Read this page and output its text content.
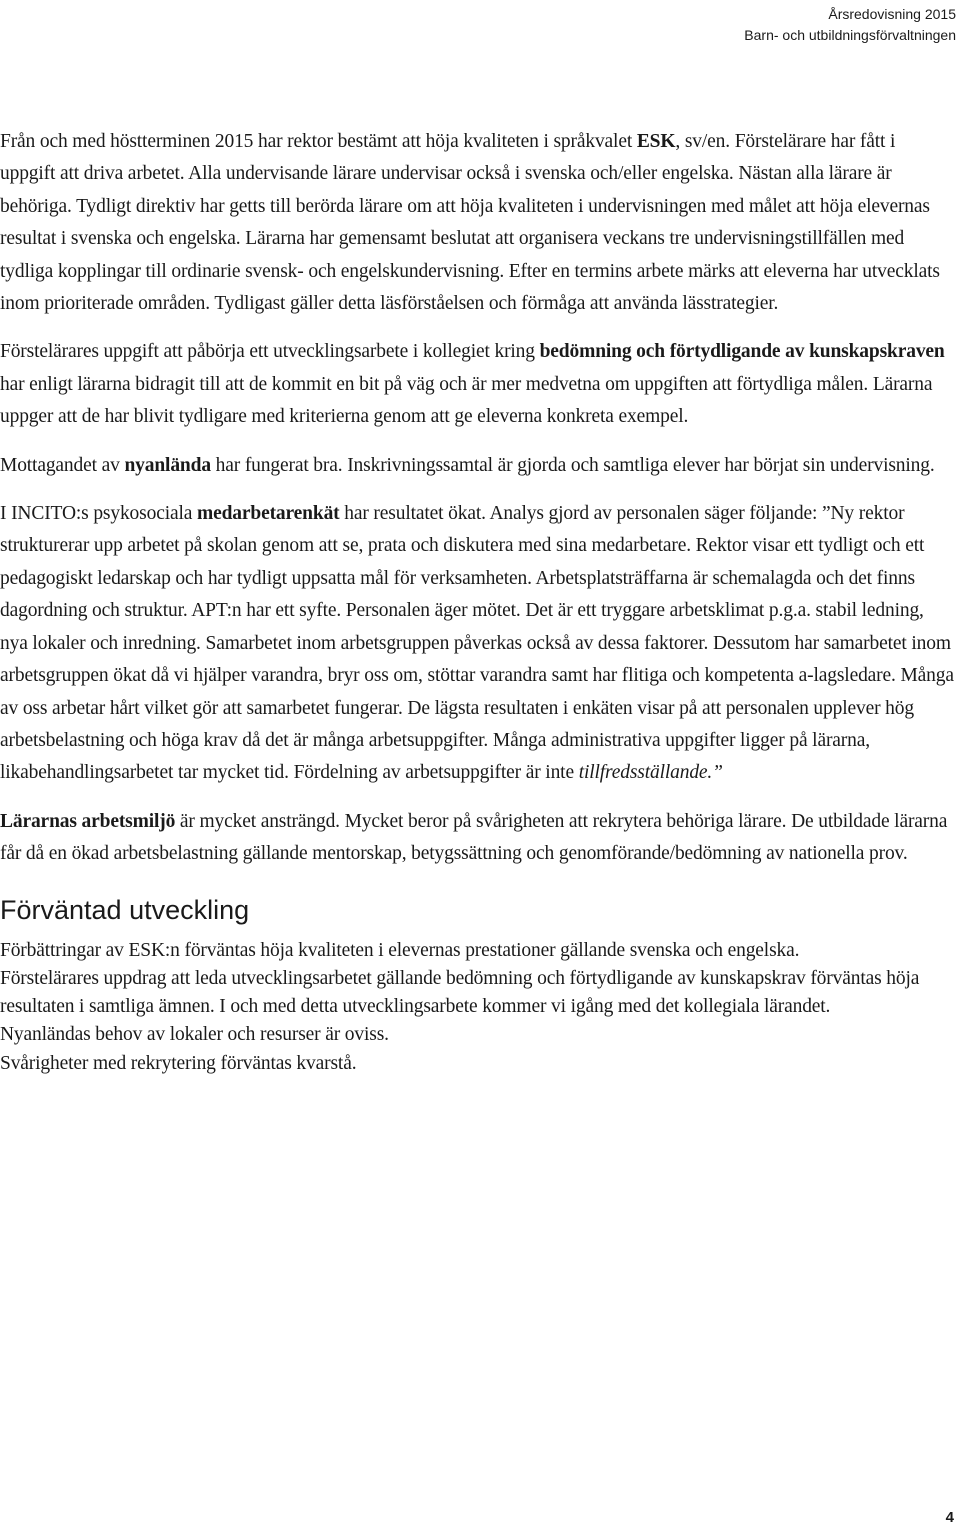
Årsredovisning 2015
Barn- och utbildningsförvaltningen

Från och med höstterminen 2015 har rektor bestämt att höja kvaliteten i språkvalet ESK, sv/en. Förstelärare har fått i uppgift att driva arbetet. Alla undervisande lärare undervisar också i svenska och/eller engelska. Nästan alla lärare är behöriga. Tydligt direktiv har getts till berörda lärare om att höja kvaliteten i undervisningen med målet att höja elevernas resultat i svenska och engelska. Lärarna har gemensamt beslutat att organisera veckans tre undervisningstillfällen med tydliga kopplingar till ordinarie svensk- och engelskundervisning. Efter en termins arbete märks att eleverna har utvecklats inom prioriterade områden. Tydligast gäller detta läsförståelsen och förmåga att använda lässtrategier.

Förstelärares uppgift att påbörja ett utvecklingsarbete i kollegiet kring bedömning och förtydligande av kunskapskraven har enligt lärarna bidragit till att de kommit en bit på väg och är mer medvetna om uppgiften att förtydliga målen. Lärarna uppger att de har blivit tydligare med kriterierna genom att ge eleverna konkreta exempel.

Mottagandet av nyanlända har fungerat bra. Inskrivningssamtal är gjorda och samtliga elever har börjat sin undervisning.

I INCITO:s psykosociala medarbetarenkät har resultatet ökat. Analys gjord av personalen säger följande: ”Ny rektor strukturerar upp arbetet på skolan genom att se, prata och diskutera med sina medarbetare. Rektor visar ett tydligt och ett pedagogiskt ledarskap och har tydligt uppsatta mål för verksamheten. Arbetsplatsträffarna är schemalagda och det finns dagordning och struktur. APT:n har ett syfte. Personalen äger mötet. Det är ett tryggare arbetsklimat p.g.a. stabil ledning, nya lokaler och inredning. Samarbetet inom arbetsgruppen påverkas också av dessa faktorer. Dessutom har samarbetet inom arbetsgruppen ökat då vi hjälper varandra, bryr oss om, stöttar varandra samt har flitiga och kompetenta a-lagsledare. Många av oss arbetar hårt vilket gör att samarbetet fungerar. De lägsta resultaten i enkäten visar på att personalen upplever hög arbetsbelastning och höga krav då det är många arbetsuppgifter. Många administrativa uppgifter ligger på lärarna, likabehandlingsarbetet tar mycket tid. Fördelning av arbetsuppgifter är inte tillfredsställande.”

Lärarnas arbetsmiljö är mycket ansträngd. Mycket beror på svårigheten att rekrytera behöriga lärare. De utbildade lärarna får då en ökad arbetsbelastning gällande mentorskap, betygssättning och genomförande/bedömning av nationella prov.

Förväntad utveckling

Förbättringar av ESK:n förväntas höja kvaliteten i elevernas prestationer gällande svenska och engelska.

Förstelärares uppdrag att leda utvecklingsarbetet gällande bedömning och förtydligande av kunskapskrav förväntas höja resultaten i samtliga ämnen. I och med detta utvecklingsarbete kommer vi igång med det kollegiala lärandet.

Nyanländas behov av lokaler och resurser är oviss.

Svårigheter med rekrytering förväntas kvarstå.

4
